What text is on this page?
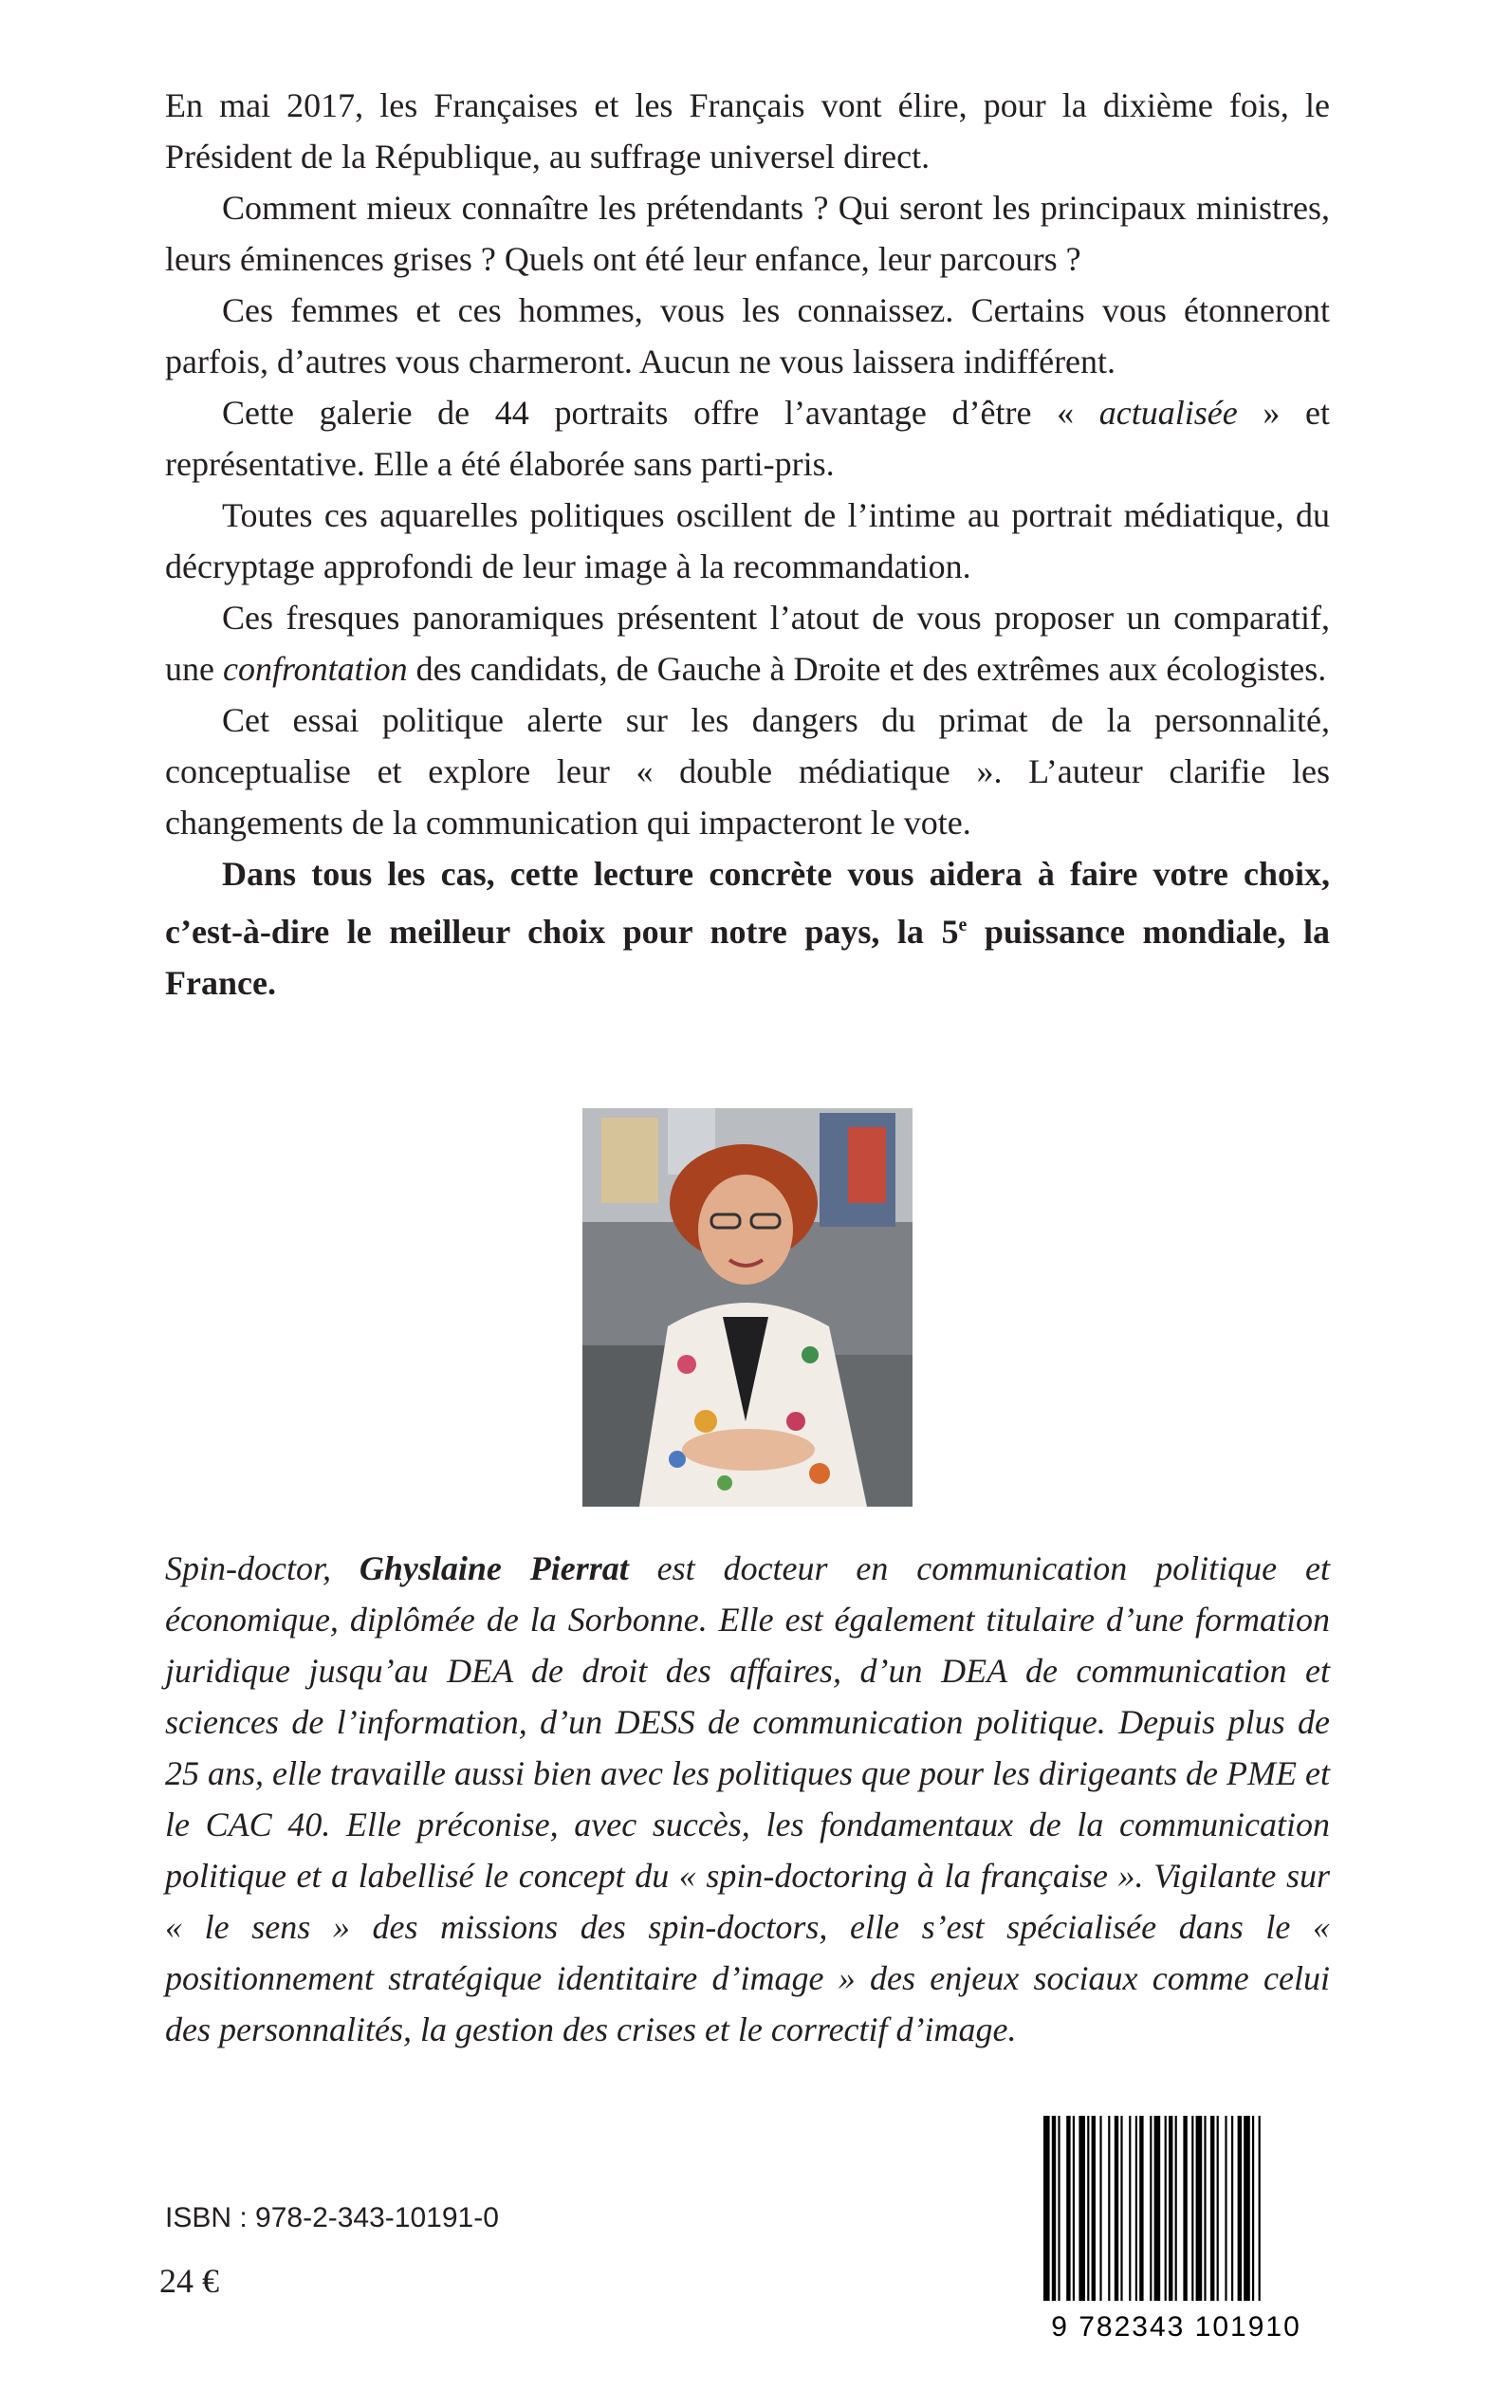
En mai 2017, les Françaises et les Français vont élire, pour la dixième fois, le Président de la République, au suffrage universel direct.

Comment mieux connaître les prétendants ? Qui seront les principaux ministres, leurs éminences grises ? Quels ont été leur enfance, leur parcours ?

Ces femmes et ces hommes, vous les connaissez. Certains vous étonneront parfois, d’autres vous charmeront. Aucun ne vous laissera indifférent.

Cette galerie de 44 portraits offre l’avantage d’être « actualisée » et représentative. Elle a été élaborée sans parti-pris.

Toutes ces aquarelles politiques oscillent de l’intime au portrait médiatique, du décryptage approfondi de leur image à la recommandation.

Ces fresques panoramiques présentent l’atout de vous proposer un comparatif, une confrontation des candidats, de Gauche à Droite et des extrêmes aux écologistes.

Cet essai politique alerte sur les dangers du primat de la personnalité, conceptualise et explore leur « double médiatique ». L’auteur clarifie les changements de la communication qui impacteront le vote.

Dans tous les cas, cette lecture concrète vous aidera à faire votre choix, c’est-à-dire le meilleur choix pour notre pays, la 5e puissance mondiale, la France.

Spin-doctor, Ghyslaine Pierrat est docteur en communication politique et économique, diplômée de la Sorbonne. Elle est également titulaire d’une formation juridique jusqu’au DEA de droit des affaires, d’un DEA de communication et sciences de l’information, d’un DESS de communication politique. Depuis plus de 25 ans, elle travaille aussi bien avec les politiques que pour les dirigeants de PME et le CAC 40. Elle préconise, avec succès, les fondamentaux de la communication politique et a labellisé le concept du « spin-doctoring à la française ». Vigilante sur « le sens » des missions des spin-doctors, elle s’est spécialisée dans le « positionnement stratégique identitaire d’image » des enjeux sociaux comme celui des personnalités, la gestion des crises et le correctif d’image.

ISBN : 978-2-343-10191-0
24 €
9 782343 101910
